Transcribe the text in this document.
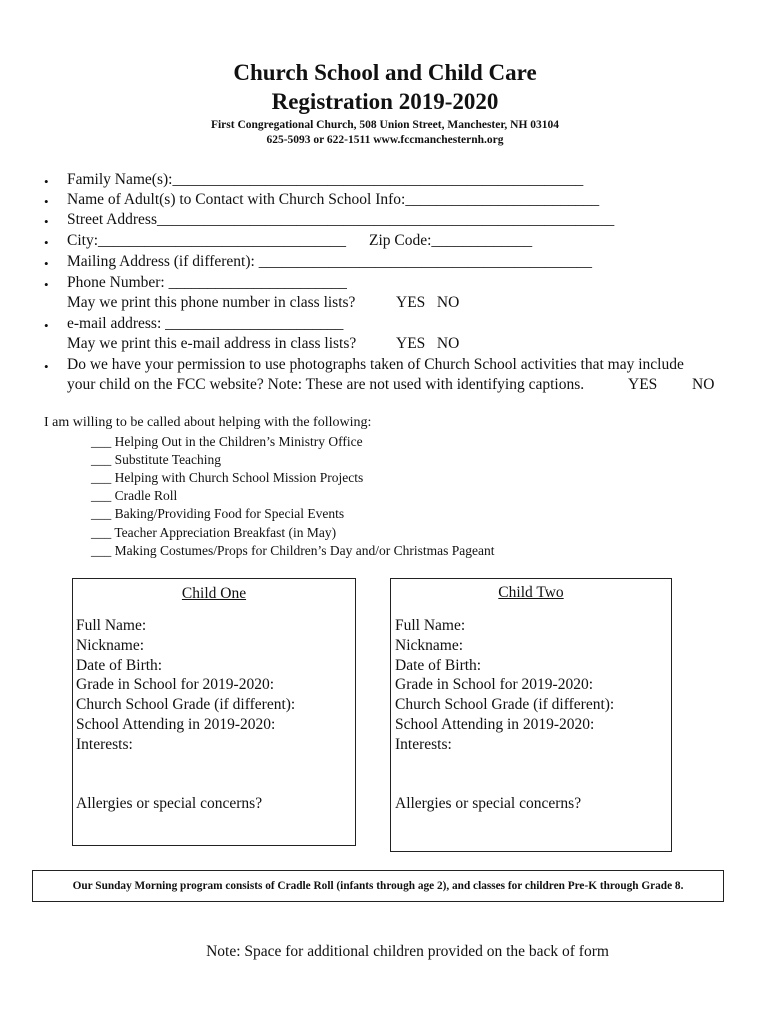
Church School and Child Care
Registration 2019-2020
First Congregational Church, 508 Union Street, Manchester, NH 03104
625-5093 or 622-1511 www.fccmanchesternh.org
• Family Name(s):_____________________________________________________
• Name of Adult(s) to Contact with Church School Info:_________________________
• Street Address___________________________________________________________
• City:________________________________ Zip Code:_____________
• Mailing Address (if different): ___________________________________________
• Phone Number: _______________________
May we print this phone number in class lists?	YES   NO
• e-mail address: _______________________
May we print this e-mail address in class lists?	YES   NO
• Do we have your permission to use photographs taken of Church School activities that may include
your child on the FCC website? Note: These are not used with identifying captions.	YES NO
I am willing to be called about helping with the following:
___ Helping Out in the Children’s Ministry Office
___ Substitute Teaching
___ Helping with Church School Mission Projects
___ Cradle Roll
___ Baking/Providing Food for Special Events
___ Teacher Appreciation Breakfast (in May)
___ Making Costumes/Props for Children’s Day and/or Christmas Pageant
Child One
Full Name:
Nickname:
Date of Birth:
Grade in School for 2019-2020:
Church School Grade (if different):
School Attending in 2019-2020:
Interests:
Allergies or special concerns?
Child Two
Full Name:
Nickname:
Date of Birth:
Grade in School for 2019-2020:
Church School Grade (if different):
School Attending in 2019-2020:
Interests:
Allergies or special concerns?
Our Sunday Morning program consists of Cradle Roll (infants through age 2), and classes for children Pre-K through Grade 8.
Note: Space for additional children provided on the back of form
